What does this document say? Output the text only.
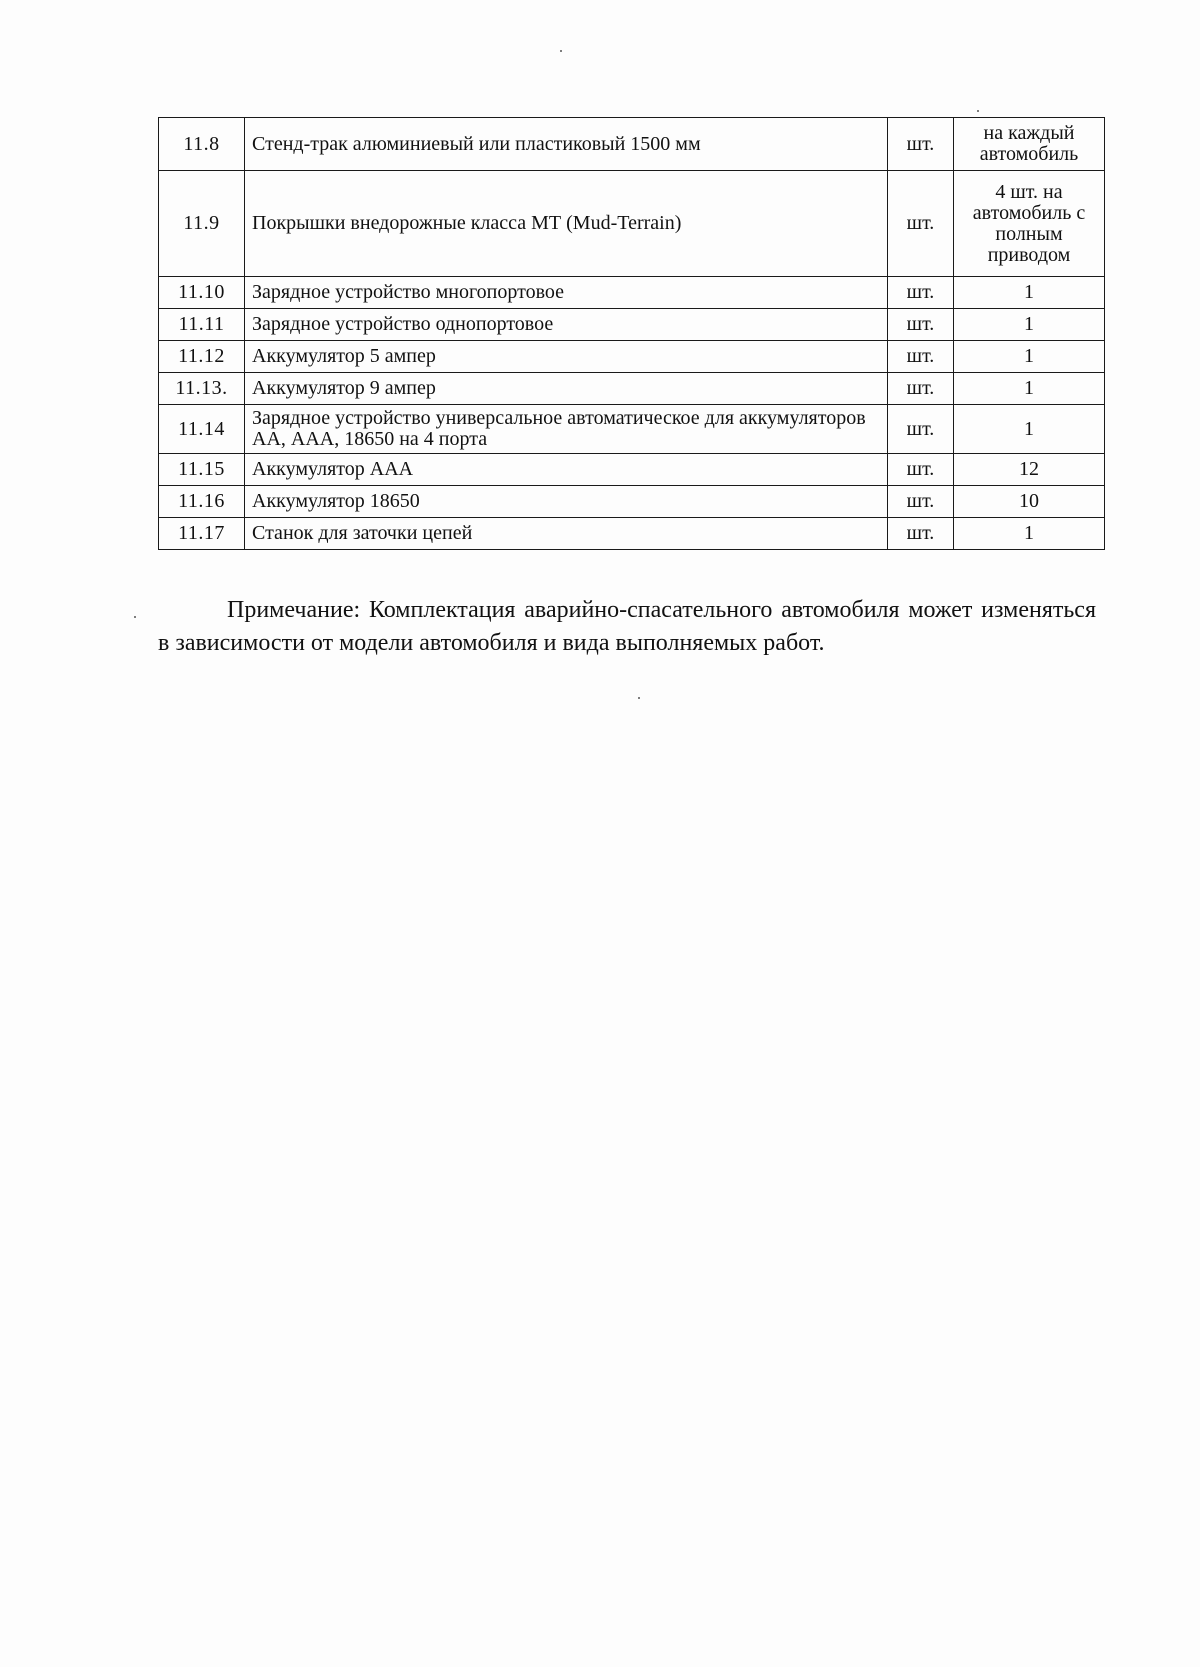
11.8	Стенд-трак алюминиевый или пластиковый 1500 мм	шт.	на каждый автомобиль
11.9	Покрышки внедорожные класса МТ (Mud-Terrain)	шт.	4 шт. на автомобиль с полным приводом
11.10	Зарядное устройство многопортовое	шт.	1
11.11	Зарядное устройство однопортовое	шт.	1
11.12	Аккумулятор 5 ампер	шт.	1
11.13.	Аккумулятор 9 ампер	шт.	1
11.14	Зарядное устройство универсальное автоматическое для аккумуляторов АА, ААА, 18650 на 4 порта	шт.	1
11.15	Аккумулятор ААА	шт.	12
11.16	Аккумулятор 18650	шт.	10
11.17	Станок для заточки цепей	шт.	1

Примечание: Комплектация аварийно-спасательного автомобиля может изменяться в зависимости от модели автомобиля и вида выполняемых работ.
